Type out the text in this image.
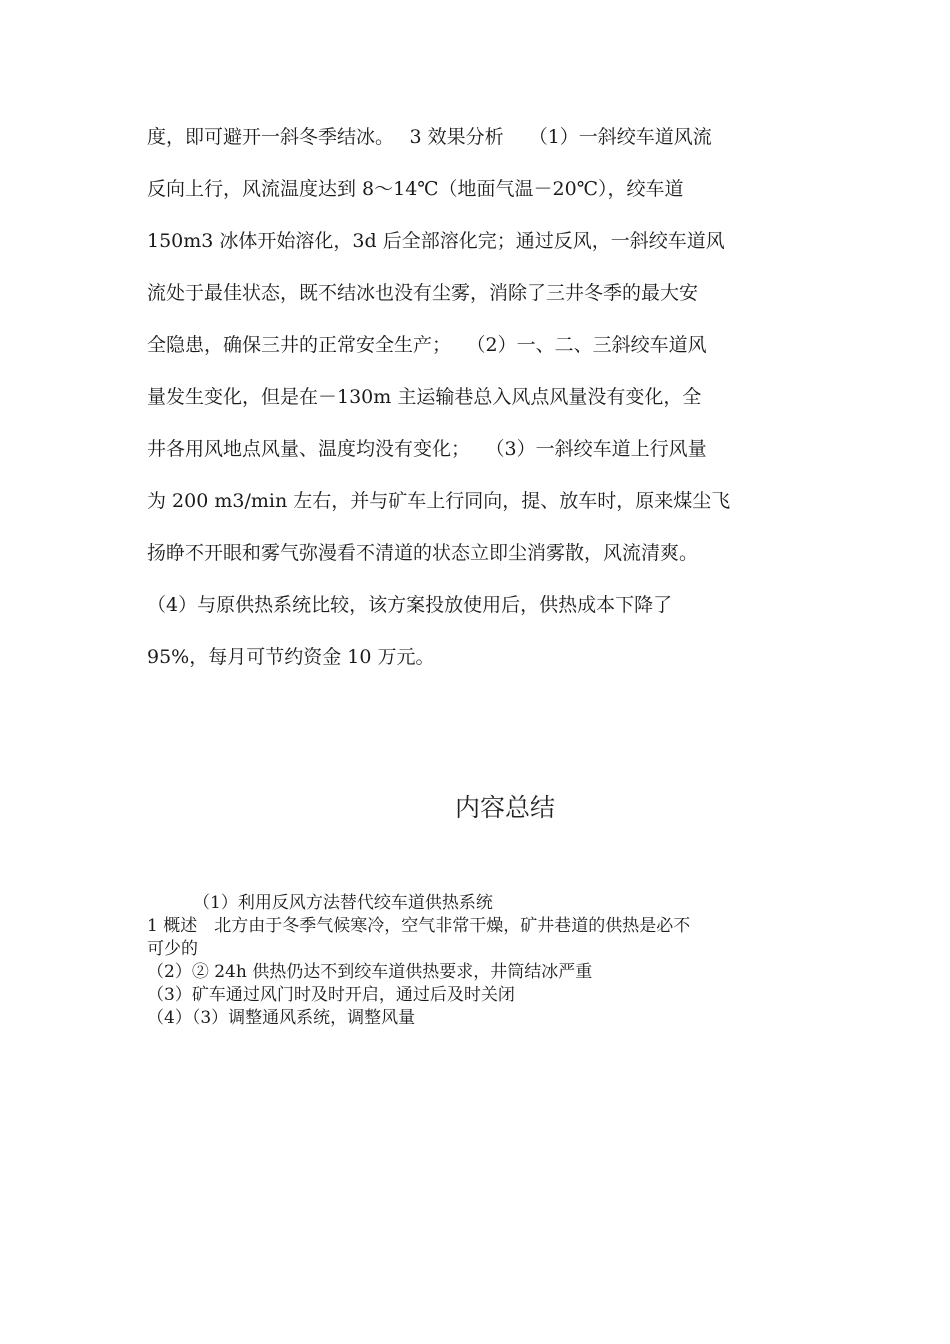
度，即可避开一斜冬季结冰。　 3 效果分析　 （1）一斜绞车道风流
反向上行，风流温度达到 8～14℃（地面气温－20℃），绞车道
150m3 冰体开始溶化，3d 后全部溶化完；通过反风，一斜绞车道风
流处于最佳状态，既不结冰也没有尘雾，消除了三井冬季的最大安
全隐患，确保三井的正常安全生产；　 （2）一、二、三斜绞车道风
量发生变化，但是在－130m 主运输巷总入风点风量没有变化，全
井各用风地点风量、温度均没有变化；　 （3）一斜绞车道上行风量
为 200 m3/min 左右，并与矿车上行同向，提、放车时，原来煤尘飞
扬睁不开眼和雾气弥漫看不清道的状态立即尘消雾散，风流清爽。
（4）与原供热系统比较，该方案投放使用后，供热成本下降了
95%，每月可节约资金 10 万元。
内容总结
（1）利用反风方法替代绞车道供热系统
1 概述　北方由于冬季气候寒冷，空气非常干燥，矿井巷道的供热是必不
可少的
（2）② 24h 供热仍达不到绞车道供热要求，井筒结冰严重
（3）矿车通过风门时及时开启，通过后及时关闭
（4）（3）调整通风系统，调整风量
